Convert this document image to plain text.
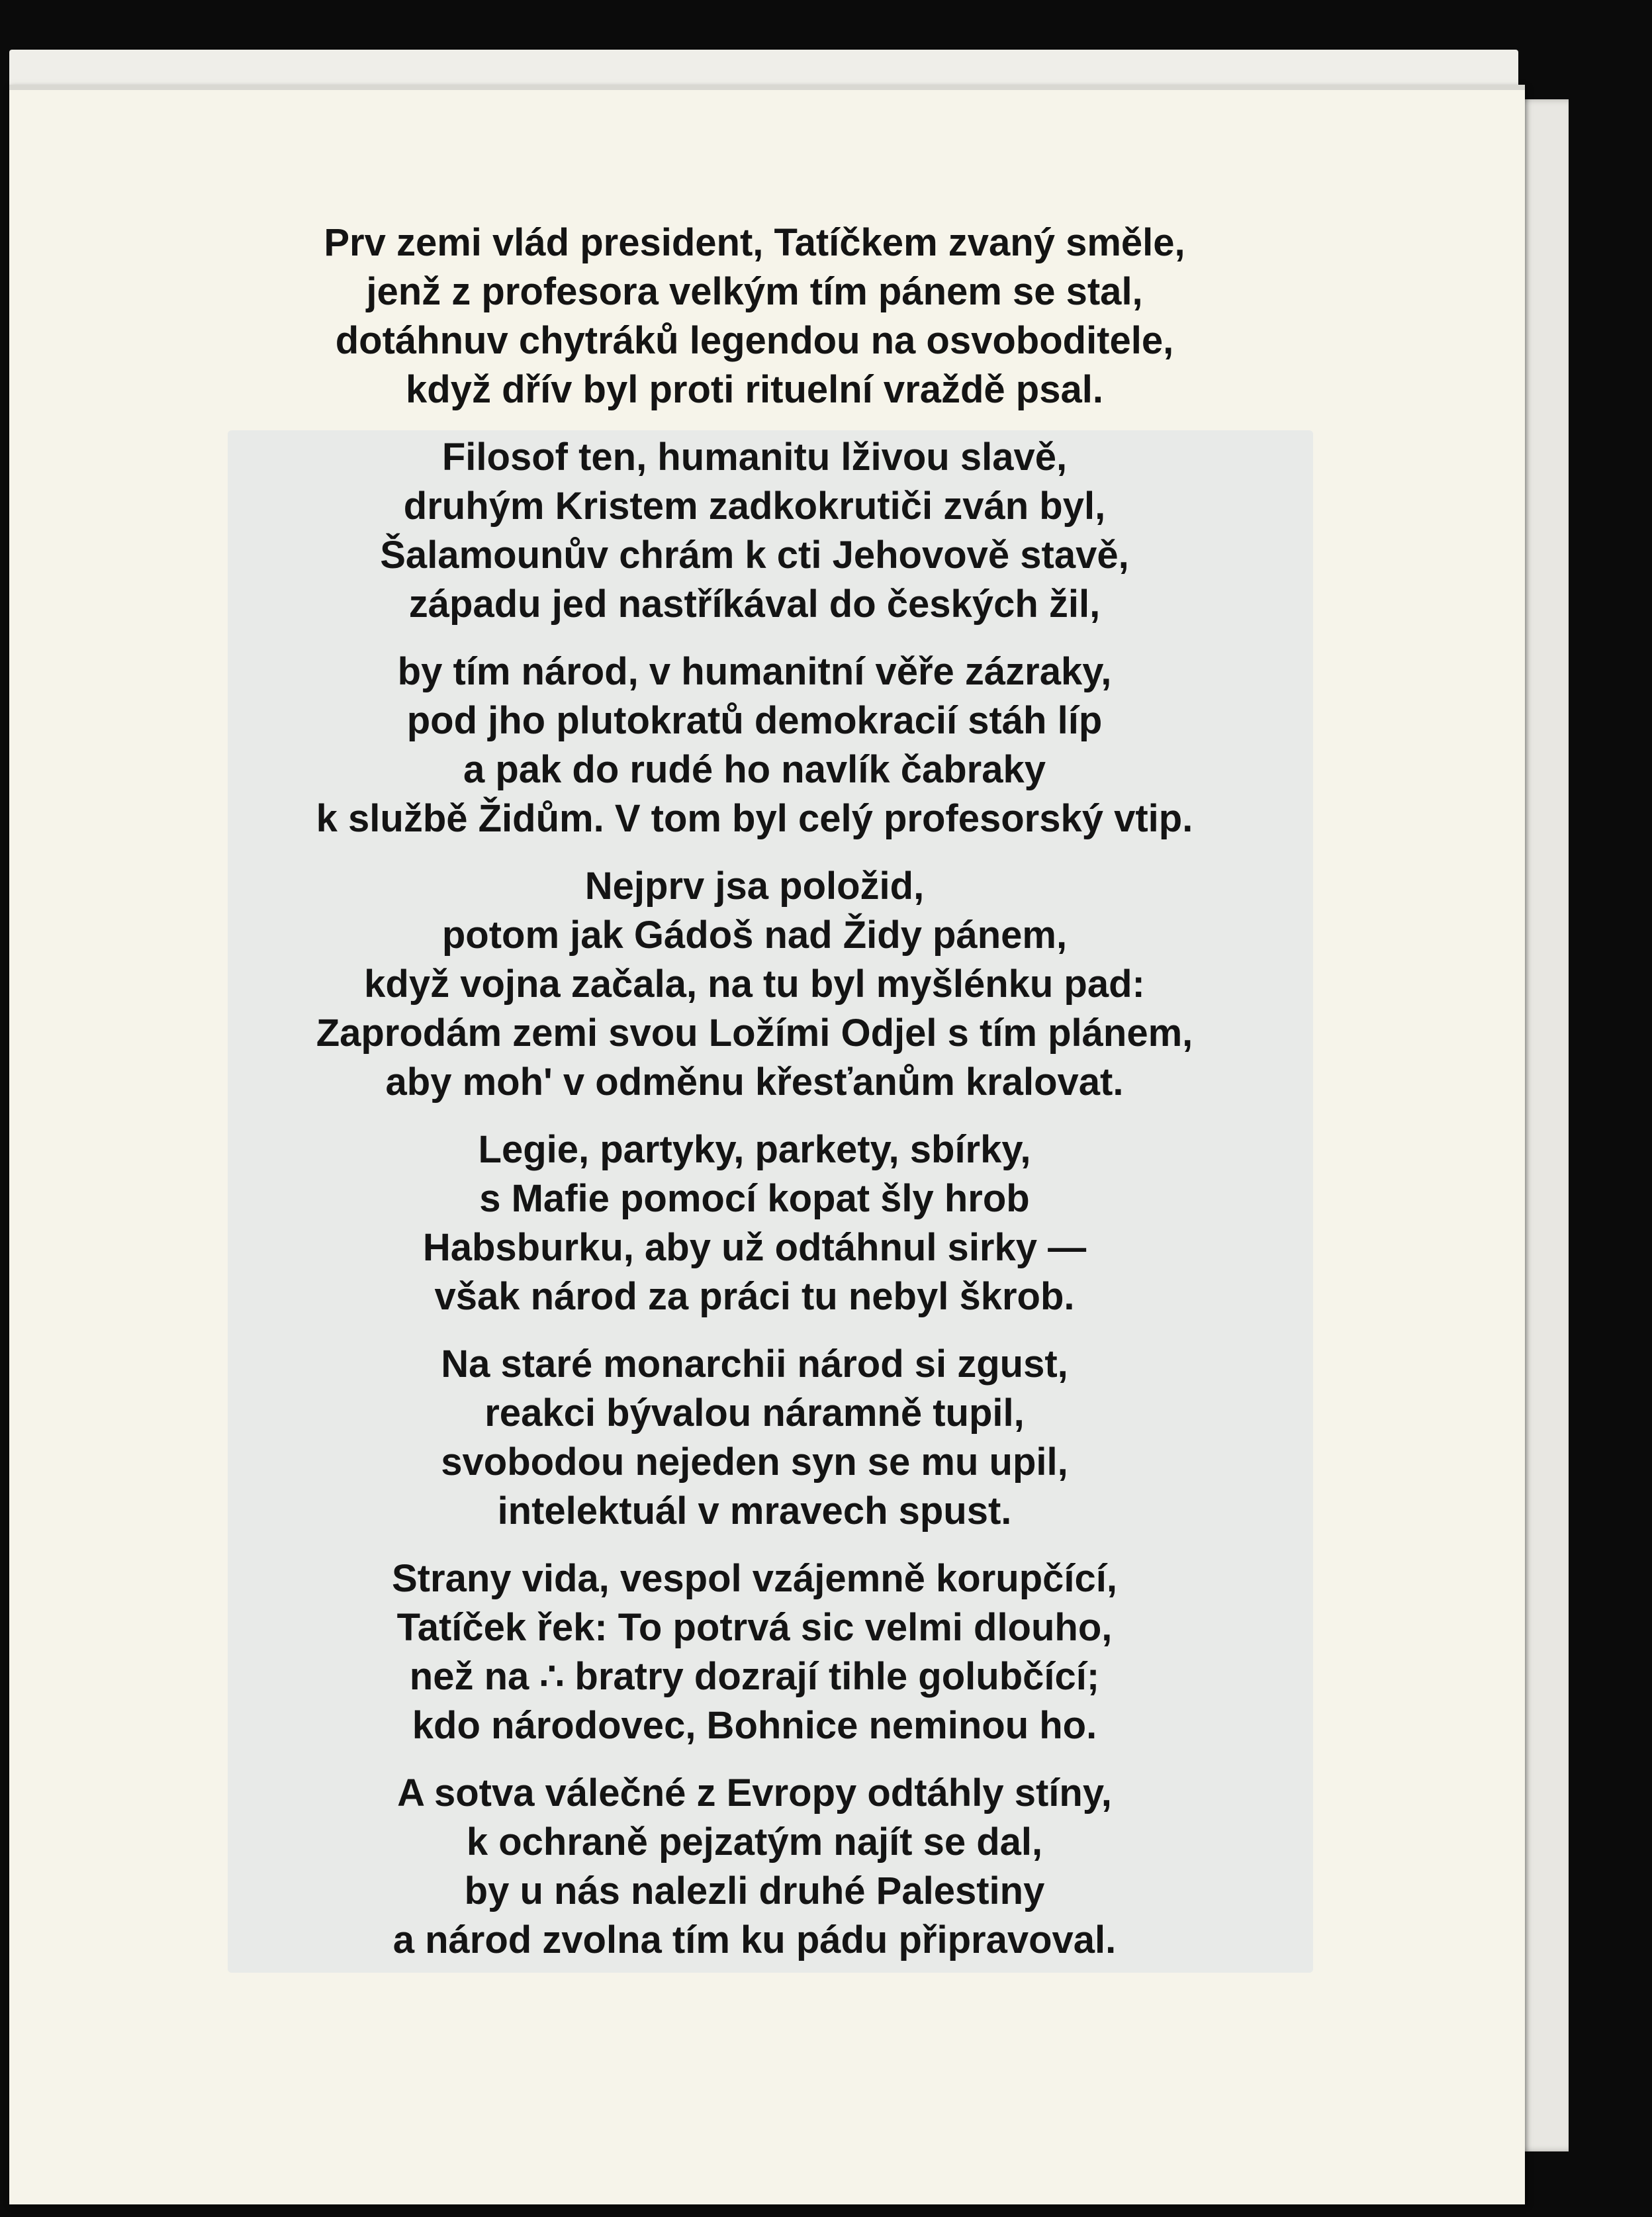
Prv zemi vlád president, Tatíčkem zvaný směle,
jenž z profesora velkým tím pánem se stal,
dotáhnuv chytráků legendou na osvoboditele,
když dřív byl proti rituelní vraždě psal.
Filosof ten, humanitu lživou slavě,
druhým Kristem zadkokrutiči zván byl,
Šalamounův chrám k cti Jehovově stavě,
západu jed nastříkával do českých žil,
by tím národ, v humanitní věře zázraky,
pod jho plutokratů demokracií stáh líp
a pak do rudé ho navlík čabraky
k službě Židům. V tom byl celý profesorský vtip.
Nejprv jsa položid,
potom jak Gádoš nad Židy pánem,
když vojna začala, na tu byl myšlénku pad:
Zaprodám zemi svou Ložími Odjel s tím plánem,
aby moh' v odměnu křesťanům kralovat.
Legie, partyky, parkety, sbírky,
s Mafie pomocí kopat šly hrob
Habsburku, aby už odtáhnul sirky —
však národ za práci tu nebyl škrob.
Na staré monarchii národ si zgust,
reakci bývalou náramně tupil,
svobodou nejeden syn se mu upil,
intelektuál v mravech spust.
Strany vida, vespol vzájemně korupčící,
Tatíček řek: To potrvá sic velmi dlouho,
než na ∴ bratry dozrají tihle golubčící;
kdo národovec, Bohnice neminou ho.
A sotva válečné z Evropy odtáhly stíny,
k ochraně pejzatým najít se dal,
by u nás nalezli druhé Palestiny
a národ zvolna tím ku pádu připravoval.
